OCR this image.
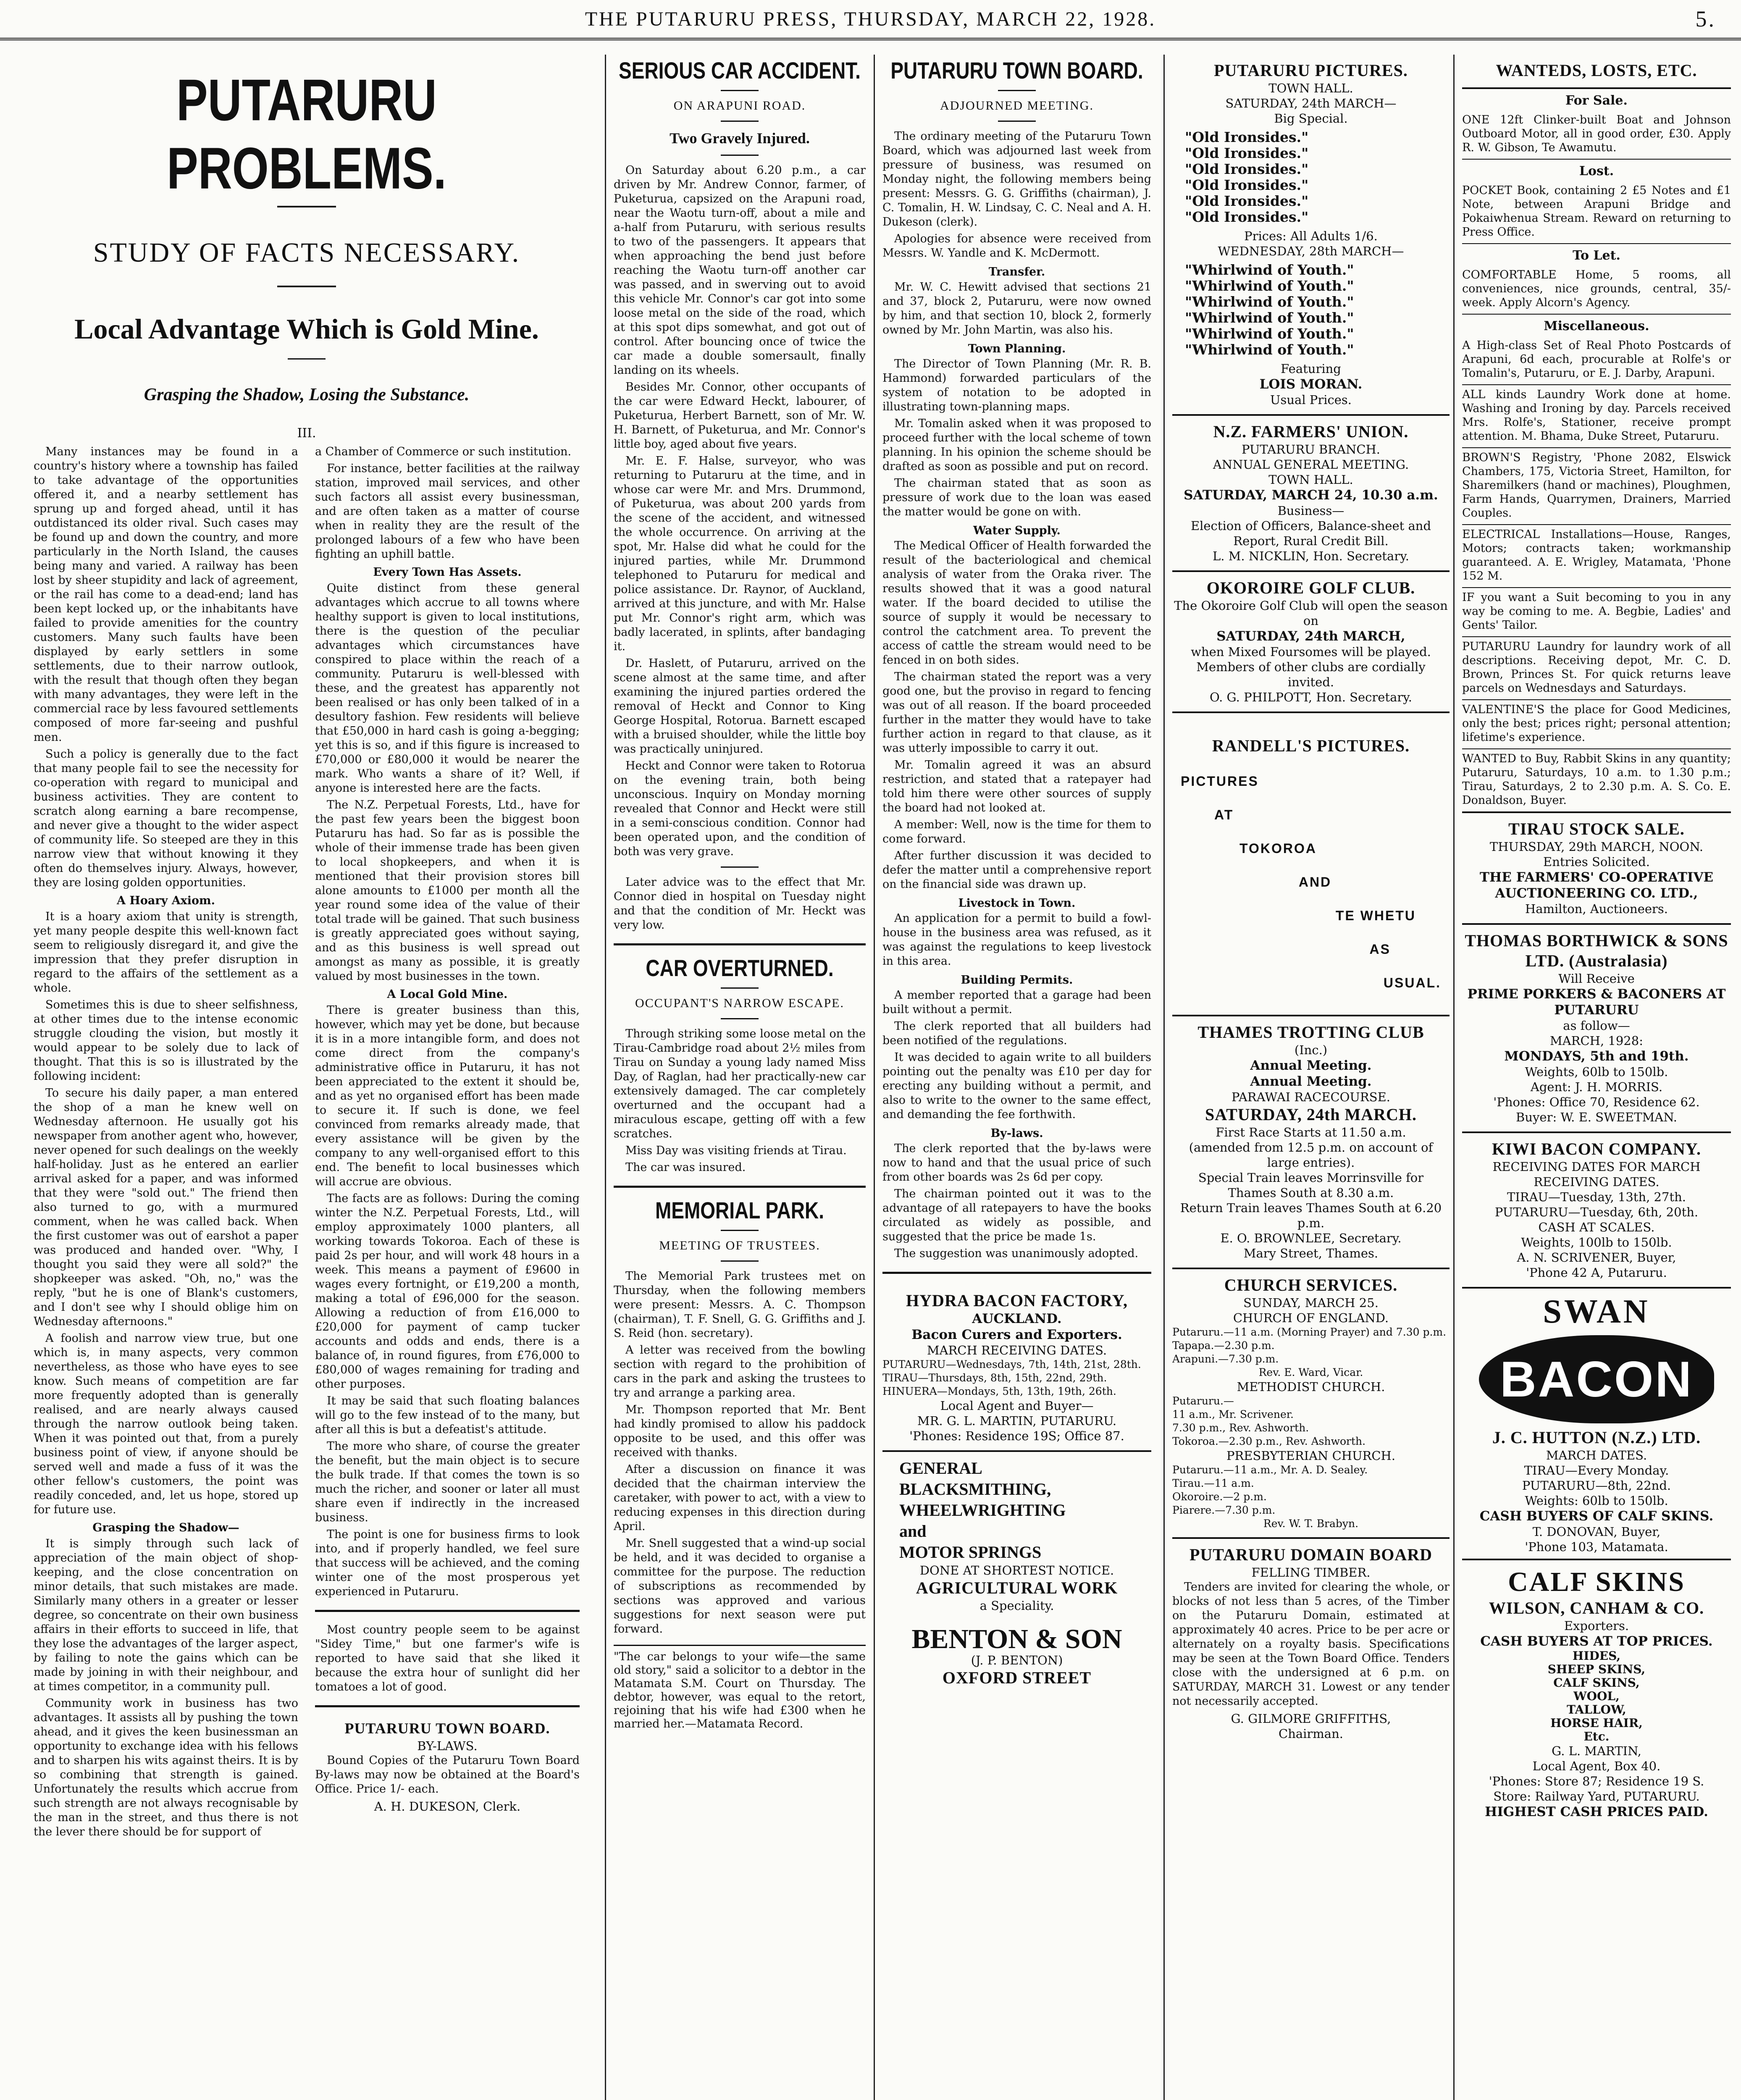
THE PUTARURU PRESS, THURSDAY, MARCH 22, 1928.	5.
PUTARURU PROBLEMS.
STUDY OF FACTS NECESSARY.
Local Advantage Which is Gold Mine.
Grasping the Shadow, Losing the Substance.
III.

Many instances may be found in a country's history where a township has failed to take advantage of the opportunities offered it, and a nearby settlement has sprung up and forged ahead, until it has outdistanced its older rival. Such cases may be found up and down the country, and more particularly in the North Island, the causes being many and varied. A railway has been lost by sheer stupidity and lack of agreement, or the rail has come to a dead-end; land has been kept locked up, or the inhabitants have failed to provide amenities for the country customers. Many such faults have been displayed by early settlers in some settlements, due to their narrow outlook, with the result that though often they began with many advantages, they were left in the commercial race by less favoured settlements composed of more far-seeing and pushful men.

Such a policy is generally due to the fact that many people fail to see the necessity for co-operation with regard to municipal and business activities. They are content to scratch along earning a bare recompense, and never give a thought to the wider aspect of community life. So steeped are they in this narrow view that without knowing it they often do themselves injury. Always, however, they are losing golden opportunities.

A Hoary Axiom.

It is a hoary axiom that unity is strength, yet many people despite this well-known fact seem to religiously disregard it, and give the impression that they prefer disruption in regard to the affairs of the settlement as a whole.

Sometimes this is due to sheer selfishness, at other times due to the intense economic struggle clouding the vision, but mostly it would appear to be solely due to lack of thought. That this is so is illustrated by the following incident:

To secure his daily paper, a man entered the shop of a man he knew well on Wednesday afternoon. He usually got his newspaper from another agent who, however, never opened for such dealings on the weekly half-holiday. Just as he entered an earlier arrival asked for a paper, and was informed that they were "sold out." The friend then also turned to go, with a murmured comment, when he was called back. When the first customer was out of earshot a paper was produced and handed over. "Why, I thought you said they were all sold?" the shopkeeper was asked. "Oh, no," was the reply, "but he is one of Blank's customers, and I don't see why I should oblige him on Wednesday afternoons."

A foolish and narrow view true, but one which is, in many aspects, very common nevertheless, as those who have eyes to see know. Such means of competition are far more frequently adopted than is generally realised, and are nearly always caused through the narrow outlook being taken. When it was pointed out that, from a purely business point of view, if anyone should be served well and made a fuss of it was the other fellow's customers, the point was readily conceded, and, let us hope, stored up for future use.

Grasping the Shadow—

It is simply through such lack of appreciation of the main object of shop-keeping, and the close concentration on minor details, that such mistakes are made. Similarly many others in a greater or lesser degree, so concentrate on their own business affairs in their efforts to succeed in life, that they lose the advantages of the larger aspect, by failing to note the gains which can be made by joining in with their neighbour, and at times competitor, in a community pull.

Community work in business has two advantages. It assists all by pushing the town ahead, and it gives the keen businessman an opportunity to exchange idea with his fellows and to sharpen his wits against theirs. It is by so combining that strength is gained. Unfortunately the results which accrue from such strength are not always recognisable by the man in the street, and thus there is not the lever there should be for support of

a Chamber of Commerce or such institution.

For instance, better facilities at the railway station, improved mail services, and other such factors all assist every businessman, and are often taken as a matter of course when in reality they are the result of the prolonged labours of a few who have been fighting an uphill battle.

Every Town Has Assets.

Quite distinct from these general advantages which accrue to all towns where healthy support is given to local institutions, there is the question of the peculiar advantages which circumstances have conspired to place within the reach of a community. Putaruru is well-blessed with these, and the greatest has apparently not been realised or has only been talked of in a desultory fashion. Few residents will believe that £50,000 in hard cash is going a-begging; yet this is so, and if this figure is increased to £70,000 or £80,000 it would be nearer the mark. Who wants a share of it? Well, if anyone is interested here are the facts.

The N.Z. Perpetual Forests, Ltd., have for the past few years been the biggest boon Putaruru has had. So far as is possible the whole of their immense trade has been given to local shopkeepers, and when it is mentioned that their provision stores bill alone amounts to £1000 per month all the year round some idea of the value of their total trade will be gained. That such business is greatly appreciated goes without saying, and as this business is well spread out amongst as many as possible, it is greatly valued by most businesses in the town.

A Local Gold Mine.

There is greater business than this, however, which may yet be done, but because it is in a more intangible form, and does not come direct from the company's administrative office in Putaruru, it has not been appreciated to the extent it should be, and as yet no organised effort has been made to secure it. If such is done, we feel convinced from remarks already made, that every assistance will be given by the company to any well-organised effort to this end. The benefit to local businesses which will accrue are obvious.

The facts are as follows: During the coming winter the N.Z. Perpetual Forests, Ltd., will employ approximately 1000 planters, all working towards Tokoroa. Each of these is paid 2s per hour, and will work 48 hours in a week. This means a payment of £9600 in wages every fortnight, or £19,200 a month, making a total of £96,000 for the season. Allowing a reduction of from £16,000 to £20,000 for payment of camp tucker accounts and odds and ends, there is a balance of, in round figures, from £76,000 to £80,000 of wages remaining for trading and other purposes.

It may be said that such floating balances will go to the few instead of to the many, but after all this is but a defeatist's attitude.

The more who share, of course the greater the benefit, but the main object is to secure the bulk trade. If that comes the town is so much the richer, and sooner or later all must share even if indirectly in the increased business.

The point is one for business firms to look into, and if properly handled, we feel sure that success will be achieved, and the coming winter one of the most prosperous yet experienced in Putaruru.

Most country people seem to be against "Sidey Time," but one farmer's wife is reported to have said that she liked it because the extra hour of sunlight did her tomatoes a lot of good.

PUTARURU TOWN BOARD.
BY-LAWS.

Bound Copies of the Putaruru Town Board By-laws may now be obtained at the Board's Office. Price 1/- each.

A. H. DUKESON, Clerk.
SERIOUS CAR ACCIDENT.
ON ARAPUNI ROAD.
Two Gravely Injured.

On Saturday about 6.20 p.m., a car driven by Mr. Andrew Connor, farmer, of Puketurua, capsized on the Arapuni road, near the Waotu turn-off, about a mile and a-half from Putaruru, with serious results to two of the passengers. It appears that when approaching the bend just before reaching the Waotu turn-off another car was passed, and in swerving out to avoid this vehicle Mr. Connor's car got into some loose metal on the side of the road, which at this spot dips somewhat, and got out of control. After bouncing once of twice the car made a double somersault, finally landing on its wheels.

Besides Mr. Connor, other occupants of the car were Edward Heckt, labourer, of Puketurua, Herbert Barnett, son of Mr. W. H. Barnett, of Puketurua, and Mr. Connor's little boy, aged about five years.

Mr. E. F. Halse, surveyor, who was returning to Putaruru at the time, and in whose car were Mr. and Mrs. Drummond, of Puketurua, was about 200 yards from the scene of the accident, and witnessed the whole occurrence. On arriving at the spot, Mr. Halse did what he could for the injured parties, while Mr. Drummond telephoned to Putaruru for medical and police assistance. Dr. Raynor, of Auckland, arrived at this juncture, and with Mr. Halse put Mr. Connor's right arm, which was badly lacerated, in splints, after bandaging it.

Dr. Haslett, of Putaruru, arrived on the scene almost at the same time, and after examining the injured parties ordered the removal of Heckt and Connor to King George Hospital, Rotorua. Barnett escaped with a bruised shoulder, while the little boy was practically uninjured.

Heckt and Connor were taken to Rotorua on the evening train, both being unconscious. Inquiry on Monday morning revealed that Connor and Heckt were still in a semi-conscious condition. Connor had been operated upon, and the condition of both was very grave.

Later advice was to the effect that Mr. Connor died in hospital on Tuesday night and that the condition of Mr. Heckt was very low.

CAR OVERTURNED.
OCCUPANT'S NARROW ESCAPE.

Through striking some loose metal on the Tirau-Cambridge road about 2½ miles from Tirau on Sunday a young lady named Miss Day, of Raglan, had her practically-new car extensively damaged. The car completely overturned and the occupant had a miraculous escape, getting off with a few scratches.

Miss Day was visiting friends at Tirau.

The car was insured.

MEMORIAL PARK.
MEETING OF TRUSTEES.

The Memorial Park trustees met on Thursday, when the following members were present: Messrs. A. C. Thompson (chairman), T. F. Snell, G. G. Griffiths and J. S. Reid (hon. secretary).

A letter was received from the bowling section with regard to the prohibition of cars in the park and asking the trustees to try and arrange a parking area.

Mr. Thompson reported that Mr. Bent had kindly promised to allow his paddock opposite to be used, and this offer was received with thanks.

After a discussion on finance it was decided that the chairman interview the caretaker, with power to act, with a view to reducing expenses in this direction during April.

Mr. Snell suggested that a wind-up social be held, and it was decided to organise a committee for the purpose. The reduction of subscriptions as recommended by sections was approved and various suggestions for next season were put forward.

"The car belongs to your wife—the same old story," said a solicitor to a debtor in the Matamata S.M. Court on Thursday. The debtor, however, was equal to the retort, rejoining that his wife had £300 when he married her.—Matamata Record.
PUTARURU TOWN BOARD.
ADJOURNED MEETING.

The ordinary meeting of the Putaruru Town Board, which was adjourned last week from pressure of business, was resumed on Monday night, the following members being present: Messrs. G. G. Griffiths (chairman), J. C. Tomalin, H. W. Lindsay, C. C. Neal and A. H. Dukeson (clerk).

Apologies for absence were received from Messrs. W. Yandle and K. McDermott.

Transfer.

Mr. W. C. Hewitt advised that sections 21 and 37, block 2, Putaruru, were now owned by him, and that section 10, block 2, formerly owned by Mr. John Martin, was also his.

Town Planning.

The Director of Town Planning (Mr. R. B. Hammond) forwarded particulars of the system of notation to be adopted in illustrating town-planning maps.

Mr. Tomalin asked when it was proposed to proceed further with the local scheme of town planning. In his opinion the scheme should be drafted as soon as possible and put on record.

The chairman stated that as soon as pressure of work due to the loan was eased the matter would be gone on with.

Water Supply.

The Medical Officer of Health forwarded the result of the bacteriological and chemical analysis of water from the Oraka river. The results showed that it was a good natural water. If the board decided to utilise the source of supply it would be necessary to control the catchment area. To prevent the access of cattle the stream would need to be fenced in on both sides.

The chairman stated the report was a very good one, but the proviso in regard to fencing was out of all reason. If the board proceeded further in the matter they would have to take further action in regard to that clause, as it was utterly impossible to carry it out.

Mr. Tomalin agreed it was an absurd restriction, and stated that a ratepayer had told him there were other sources of supply the board had not looked at.

A member: Well, now is the time for them to come forward.

After further discussion it was decided to defer the matter until a comprehensive report on the financial side was drawn up.

Livestock in Town.

An application for a permit to build a fowl-house in the business area was refused, as it was against the regulations to keep livestock in this area.

Building Permits.

A member reported that a garage had been built without a permit.

The clerk reported that all builders had been notified of the regulations.

It was decided to again write to all builders pointing out the penalty was £10 per day for erecting any building without a permit, and also to write to the owner to the same effect, and demanding the fee forthwith.

By-laws.

The clerk reported that the by-laws were now to hand and that the usual price of such from other boards was 2s 6d per copy.

The chairman pointed out it was to the advantage of all ratepayers to have the books circulated as widely as possible, and suggested that the price be made 1s.

The suggestion was unanimously adopted.

HYDRA BACON FACTORY,
AUCKLAND.
Bacon Curers and Exporters.
MARCH RECEIVING DATES.
PUTARURU—Wednesdays, 7th, 14th, 21st, 28th.
TIRAU—Thursdays, 8th, 15th, 22nd, 29th.
HINUERA—Mondays, 5th, 13th, 19th, 26th.
Local Agent and Buyer—
MR. G. L. MARTIN, PUTARURU.
'Phones: Residence 19S; Office 87.
GENERAL
BLACKSMITHING,
WHEELWRIGHTING
and
MOTOR SPRINGS
DONE AT SHORTEST NOTICE.
AGRICULTURAL WORK
a Speciality.
BENTON & SON
(J. P. BENTON)
OXFORD STREET
PUTARURU PICTURES.
TOWN HALL.
SATURDAY, 24th MARCH—
Big Special.
"Old Ironsides."
"Old Ironsides."
"Old Ironsides."
"Old Ironsides."
"Old Ironsides."
"Old Ironsides."
Prices: All Adults 1/6.
WEDNESDAY, 28th MARCH—
"Whirlwind of Youth."
"Whirlwind of Youth."
"Whirlwind of Youth."
"Whirlwind of Youth."
"Whirlwind of Youth."
"Whirlwind of Youth."
Featuring
LOIS MORAN.
Usual Prices.
N.Z. FARMERS' UNION.
PUTARURU BRANCH.
ANNUAL GENERAL MEETING.
TOWN HALL.
SATURDAY, MARCH 24, 10.30 a.m.
Business—
Election of Officers, Balance-sheet and Report, Rural Credit Bill.
L. M. NICKLIN, Hon. Secretary.
OKOROIRE GOLF CLUB.
The Okoroire Golf Club will open the season on
SATURDAY, 24th MARCH,
when Mixed Foursomes will be played.
Members of other clubs are cordially invited.
O. G. PHILPOTT, Hon. Secretary.
RANDELL'S PICTURES.
PICTURES
AT
TOKOROA
AND
TE WHETU
AS
USUAL.
THAMES TROTTING CLUB
(Inc.)
Annual Meeting.
Annual Meeting.
PARAWAI RACECOURSE.
SATURDAY, 24th MARCH.
First Race Starts at 11.50 a.m.
(amended from 12.5 p.m. on account of large entries).
Special Train leaves Morrinsville for Thames South at 8.30 a.m.
Return Train leaves Thames South at 6.20 p.m.
E. O. BROWNLEE, Secretary.
Mary Street, Thames.
CHURCH SERVICES.
SUNDAY, MARCH 25.
CHURCH OF ENGLAND.
Putaruru.—11 a.m. (Morning Prayer) and 7.30 p.m.
Tapapa.—2.30 p.m.
Arapuni.—7.30 p.m.
Rev. E. Ward, Vicar.
METHODIST CHURCH.
Putaruru.—
11 a.m., Mr. Scrivener.
7.30 p.m., Rev. Ashworth.
Tokoroa.—2.30 p.m., Rev. Ashworth.
PRESBYTERIAN CHURCH.
Putaruru.—11 a.m., Mr. A. D. Sealey.
Tirau.—11 a.m.
Okoroire.—2 p.m.
Piarere.—7.30 p.m.
Rev. W. T. Brabyn.
PUTARURU DOMAIN BOARD
FELLING TIMBER.

Tenders are invited for clearing the whole, or blocks of not less than 5 acres, of the Timber on the Putaruru Domain, estimated at approximately 40 acres. Price to be per acre or alternately on a royalty basis. Specifications may be seen at the Town Board Office. Tenders close with the undersigned at 6 p.m. on SATURDAY, MARCH 31. Lowest or any tender not necessarily accepted.

G. GILMORE GRIFFITHS,
Chairman.
WANTEDS, LOSTS, ETC.
For Sale.
ONE 12ft Clinker-built Boat and Johnson Outboard Motor, all in good order, £30. Apply R. W. Gibson, Te Awamutu.
Lost.
POCKET Book, containing 2 £5 Notes and £1 Note, between Arapuni Bridge and Pokaiwhenua Stream. Reward on returning to Press Office.
To Let.
COMFORTABLE Home, 5 rooms, all conveniences, nice grounds, central, 35/- week. Apply Alcorn's Agency.
Miscellaneous.
A High-class Set of Real Photo Postcards of Arapuni, 6d each, procurable at Rolfe's or Tomalin's, Putaruru, or E. J. Darby, Arapuni.
ALL kinds Laundry Work done at home. Washing and Ironing by day. Parcels received Mrs. Rolfe's, Stationer, receive prompt attention. M. Bhama, Duke Street, Putaruru.
BROWN'S Registry, 'Phone 2082, Elswick Chambers, 175, Victoria Street, Hamilton, for Sharemilkers (hand or machines), Ploughmen, Farm Hands, Quarrymen, Drainers, Married Couples.
ELECTRICAL Installations—House, Ranges, Motors; contracts taken; workmanship guaranteed. A. E. Wrigley, Matamata, 'Phone 152 M.
IF you want a Suit becoming to you in any way be coming to me. A. Begbie, Ladies' and Gents' Tailor.
PUTARURU Laundry for laundry work of all descriptions. Receiving depot, Mr. C. D. Brown, Princes St. For quick returns leave parcels on Wednesdays and Saturdays.
VALENTINE'S the place for Good Medicines, only the best; prices right; personal attention; lifetime's experience.
WANTED to Buy, Rabbit Skins in any quantity; Putaruru, Saturdays, 10 a.m. to 1.30 p.m.; Tirau, Saturdays, 2 to 2.30 p.m. A. S. Co. E. Donaldson, Buyer.
TIRAU STOCK SALE.
THURSDAY, 29th MARCH, NOON.
Entries Solicited.
THE FARMERS' CO-OPERATIVE AUCTIONEERING CO. LTD.,
Hamilton, Auctioneers.
THOMAS BORTHWICK & SONS LTD. (Australasia)
Will Receive
PRIME PORKERS & BACONERS AT PUTARURU
as follow—
MARCH, 1928:
MONDAYS, 5th and 19th.
Weights, 60lb to 150lb.
Agent: J. H. MORRIS.
'Phones: Office 70, Residence 62.
Buyer: W. E. SWEETMAN.
KIWI BACON COMPANY.
RECEIVING DATES FOR MARCH RECEIVING DATES.
TIRAU—Tuesday, 13th, 27th.
PUTARURU—Tuesday, 6th, 20th.
CASH AT SCALES.
Weights, 100lb to 150lb.
A. N. SCRIVENER, Buyer,
'Phone 42 A, Putaruru.
SWAN
BACON
J. C. HUTTON (N.Z.) LTD.
MARCH DATES.
TIRAU—Every Monday.
PUTARURU—8th, 22nd.
Weights: 60lb to 150lb.
CASH BUYERS OF CALF SKINS.
T. DONOVAN, Buyer,
'Phone 103, Matamata.
CALF SKINS
WILSON, CANHAM & CO.
Exporters.
CASH BUYERS AT TOP PRICES.
HIDES,
SHEEP SKINS,
CALF SKINS,
WOOL,
TALLOW,
HORSE HAIR,
Etc.
G. L. MARTIN,
Local Agent, Box 40.
'Phones: Store 87; Residence 19 S.
Store: Railway Yard, PUTARURU.
HIGHEST CASH PRICES PAID.
